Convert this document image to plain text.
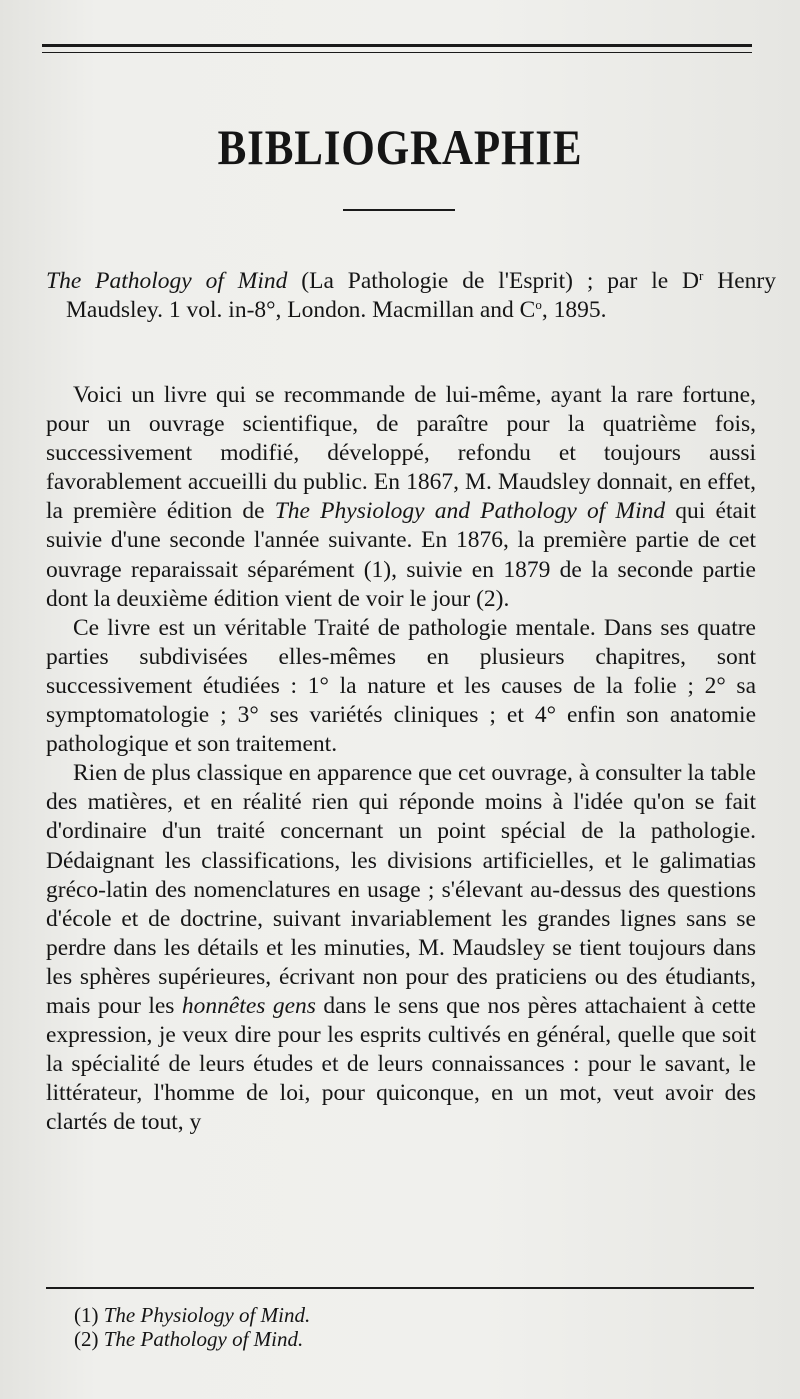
BIBLIOGRAPHIE
The Pathology of Mind (La Pathologie de l'Esprit) ; par le $D^r$ Henry Maudsley. 1 vol. in-8°, London. Macmillan and $C^o$, 1895.

Voici un livre qui se recommande de lui-même, ayant la rare fortune, pour un ouvrage scientifique, de paraître pour la quatrième fois, successivement modifié, développé, refondu et toujours aussi favorablement accueilli du public. En 1867, M. Maudsley donnait, en effet, la première édition de The Physiology and Pathology of Mind qui était suivie d'une seconde l'année suivante. En 1876, la première partie de cet ouvrage reparaissait séparément (1), suivie en 1879 de la seconde partie dont la deuxième édition vient de voir le jour (2).

Ce livre est un véritable Traité de pathologie mentale. Dans ses quatre parties subdivisées elles-mêmes en plusieurs chapitres, sont successivement étudiées : 1° la nature et les causes de la folie ; 2° sa symptomatologie ; 3° ses variétés cliniques ; et 4° enfin son anatomie pathologique et son traitement.

Rien de plus classique en apparence que cet ouvrage, à consulter la table des matières, et en réalité rien qui réponde moins à l'idée qu'on se fait d'ordinaire d'un traité concernant un point spécial de la pathologie. Dédaignant les classifications, les divisions artificielles, et le galimatias gréco-latin des nomenclatures en usage ; s'élevant au-dessus des questions d'école et de doctrine, suivant invariablement les grandes lignes sans se perdre dans les détails et les minuties, M. Maudsley se tient toujours dans les sphères supérieures, écrivant non pour des praticiens ou des étudiants, mais pour les honnêtes gens dans le sens que nos pères attachaient à cette expression, je veux dire pour les esprits cultivés en général, quelle que soit la spécialité de leurs études et de leurs connaissances : pour le savant, le littérateur, l'homme de loi, pour quiconque, en un mot, veut avoir des clartés de tout, y

(1) The Physiology of Mind.
(2) The Pathology of Mind.
